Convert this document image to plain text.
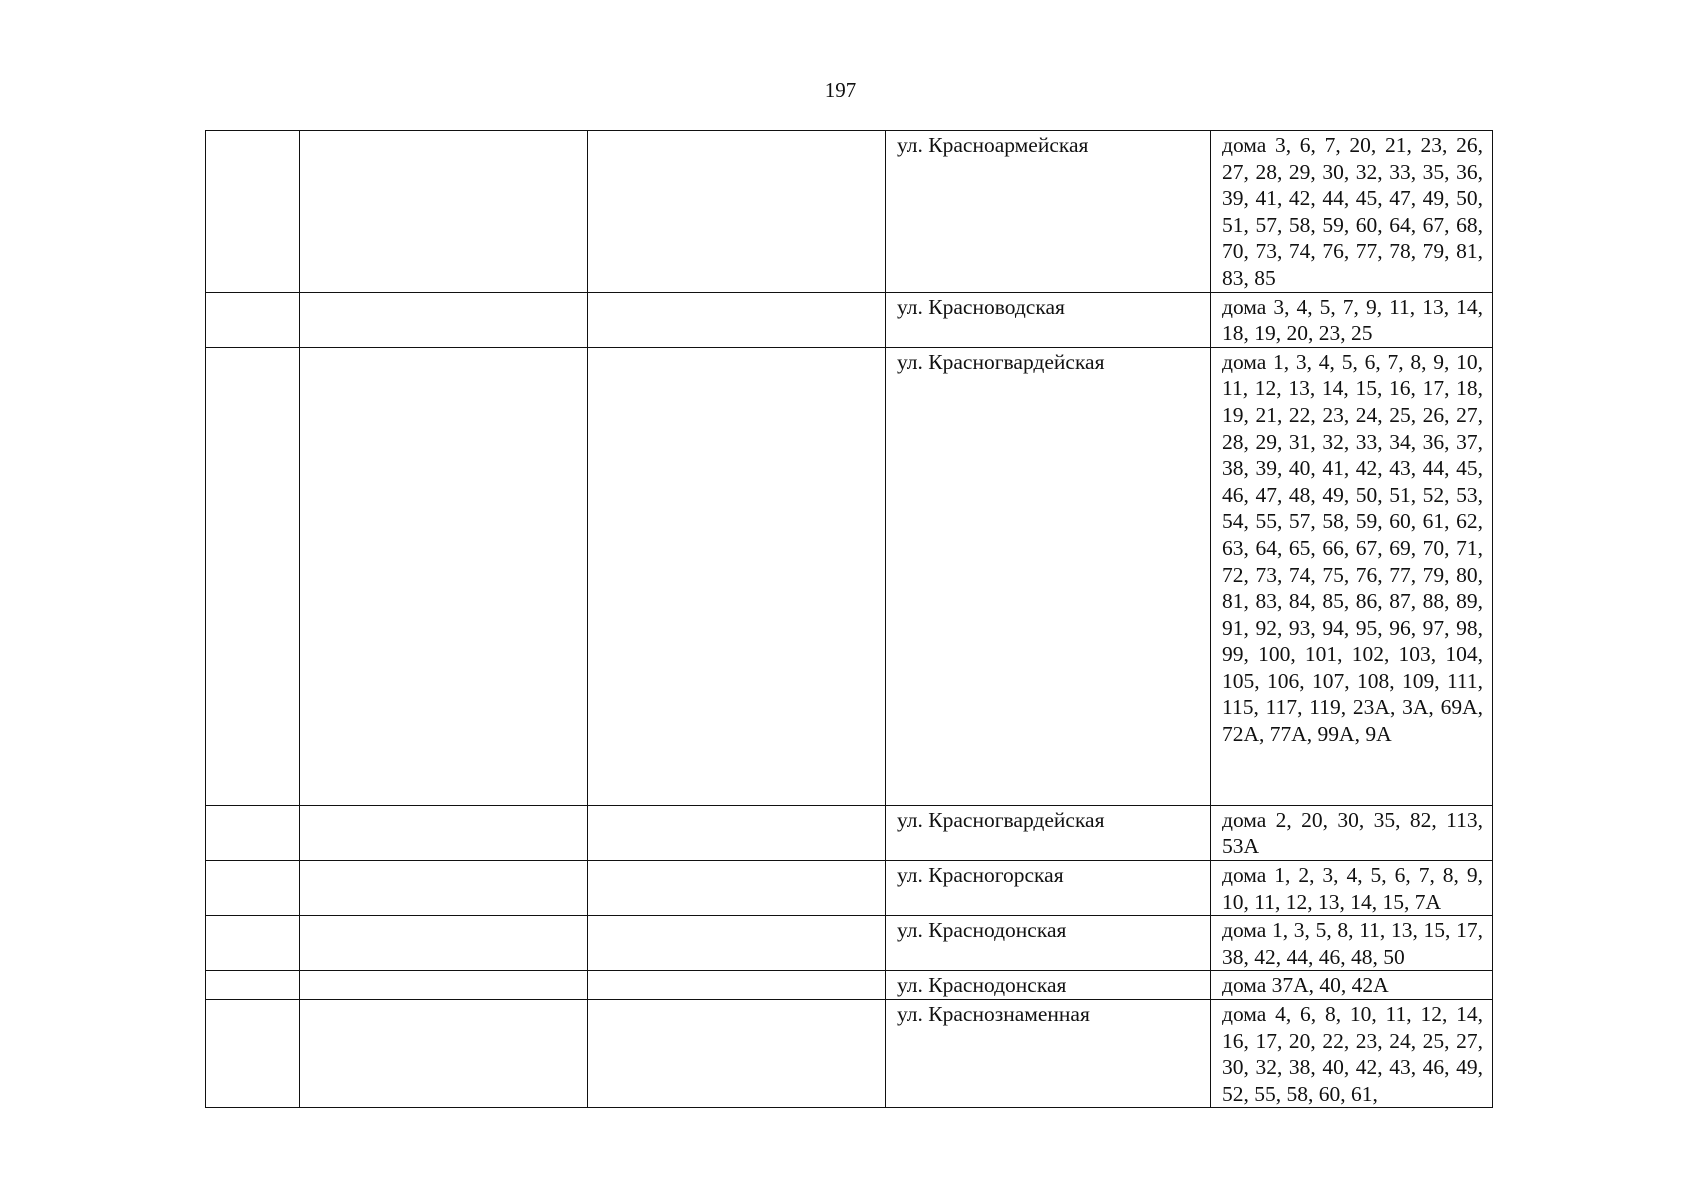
197
			ул. Красноармейская	дома 3, 6, 7, 20, 21, 23, 26, 27, 28, 29, 30, 32, 33, 35, 36, 39, 41, 42, 44, 45, 47, 49, 50, 51, 57, 58, 59, 60, 64, 67, 68, 70, 73, 74, 76, 77, 78, 79, 81, 83, 85
			ул. Красноводская	дома 3, 4, 5, 7, 9, 11, 13, 14, 18, 19, 20, 23, 25
			ул. Красногвардейская	дома 1, 3, 4, 5, 6, 7, 8, 9, 10, 11, 12, 13, 14, 15, 16, 17, 18, 19, 21, 22, 23, 24, 25, 26, 27, 28, 29, 31, 32, 33, 34, 36, 37, 38, 39, 40, 41, 42, 43, 44, 45, 46, 47, 48, 49, 50, 51, 52, 53, 54, 55, 57, 58, 59, 60, 61, 62, 63, 64, 65, 66, 67, 69, 70, 71, 72, 73, 74, 75, 76, 77, 79, 80, 81, 83, 84, 85, 86, 87, 88, 89, 91, 92, 93, 94, 95, 96, 97, 98, 99, 100, 101, 102, 103, 104, 105, 106, 107, 108, 109, 111, 115, 117, 119, 23А, 3А, 69А, 72А, 77А, 99А, 9А
			ул. Красногвардейская	дома 2, 20, 30, 35, 82, 113, 53А
			ул. Красногорская	дома 1, 2, 3, 4, 5, 6, 7, 8, 9, 10, 11, 12, 13, 14, 15, 7А
			ул. Краснодонская	дома 1, 3, 5, 8, 11, 13, 15, 17, 38, 42, 44, 46, 48, 50
			ул. Краснодонская	дома 37А, 40, 42А
			ул. Краснознаменная	дома 4, 6, 8, 10, 11, 12, 14, 16, 17, 20, 22, 23, 24, 25, 27, 30, 32, 38, 40, 42, 43, 46, 49, 52, 55, 58, 60, 61,
